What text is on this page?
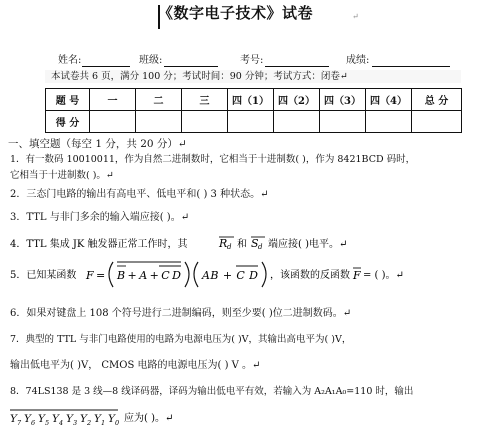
《数字电子技术》试卷	↵
姓名:	班级:	考号:	成绩:
本试卷共 6 页，满分 100 分；考试时间：90 分钟；考试方式：闭卷↵
题 号	一	二	三	四（1）	四（2）	四（3）	四（4）	总 分
得 分								
一、填空题（每空 1 分，共 20 分）↵
1．有一数码 10010011，作为自然二进制数时，它相当于十进制数( )，作为 8421BCD 码时，
它相当于十进制数( )。↵
2．三态门电路的输出有高电平、低电平和( ) 3 种状态。↵
3．TTL 与非门多余的输入端应接( )。↵
4．TTL 集成 JK 触发器正常工作时，其	R d 和 S d 端应接( )电平。↵
5．已知某函数 F = B + A + C D AB + C D ，该函数的反函数 F = ( )。↵
6．如果对键盘上 108 个符号进行二进制编码，则至少要( )位二进制数码。↵
7．典型的 TTL 与非门电路使用的电路为电源电压为( )V，其输出高电平为( )V，
输出低电平为( )V， CMOS 电路的电源电压为( ) V 。↵
8．74LS138 是 3 线—8 线译码器，译码为输出低电平有效，若输入为 A₂A₁A₀=110 时，输出
Y 7 Y 6 Y 5 Y 4 Y 3 Y 2 Y 1 Y 0 应为( )。↵
